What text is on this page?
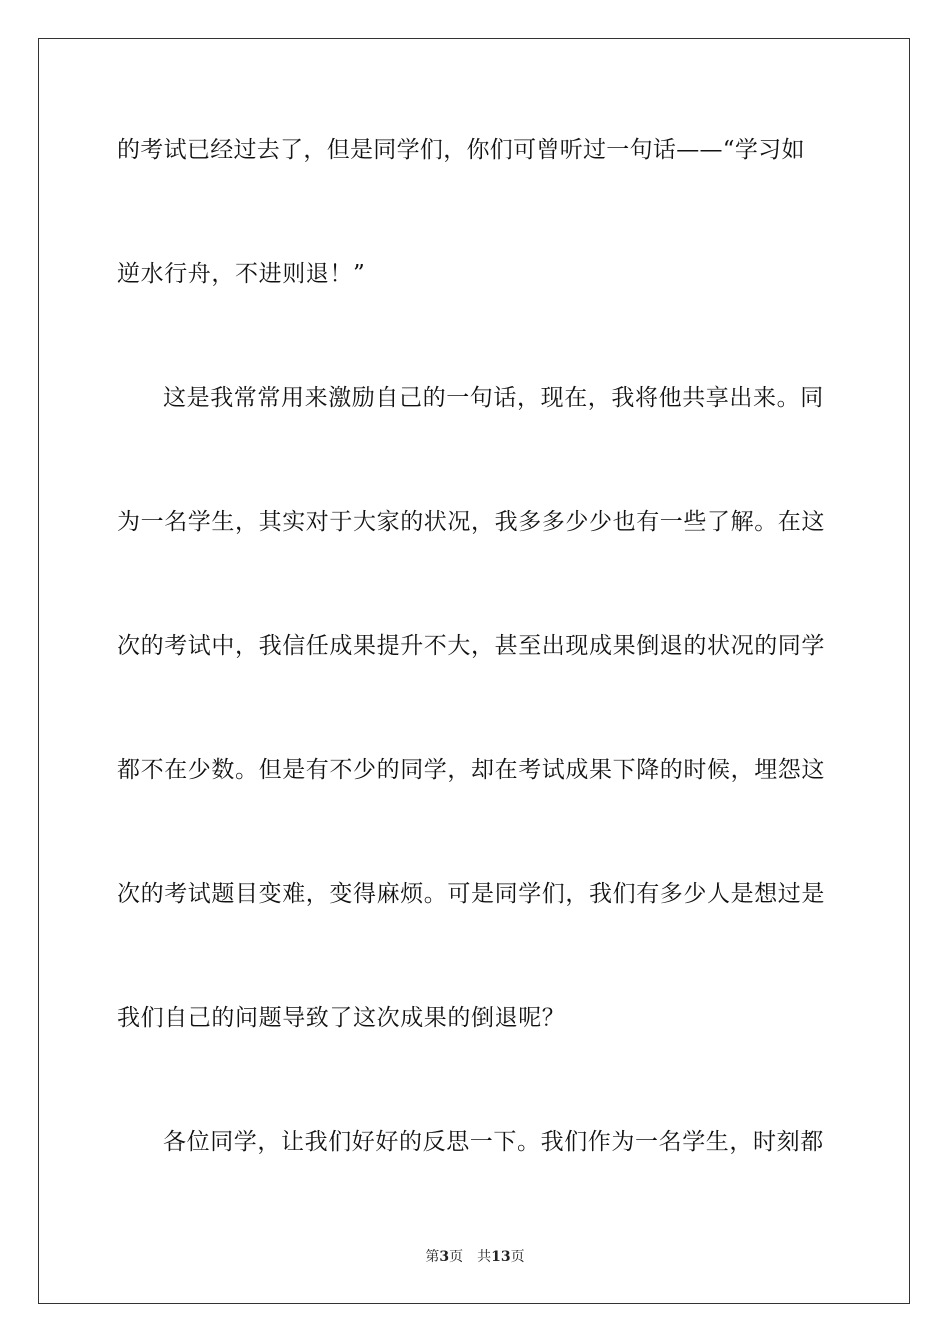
的考试已经过去了，但是同学们，你们可曾听过一句话——“学习如
逆水行舟，不进则退！”
这是我常常用来激励自己的一句话，现在，我将他共享出来。同
为一名学生，其实对于大家的状况，我多多少少也有一些了解。在这
次的考试中，我信任成果提升不大，甚至出现成果倒退的状况的同学
都不在少数。但是有不少的同学，却在考试成果下降的时候，埋怨这
次的考试题目变难，变得麻烦。可是同学们，我们有多少人是想过是
我们自己的问题导致了这次成果的倒退呢？
各位同学，让我们好好的反思一下。我们作为一名学生，时刻都
第3页 共13页
